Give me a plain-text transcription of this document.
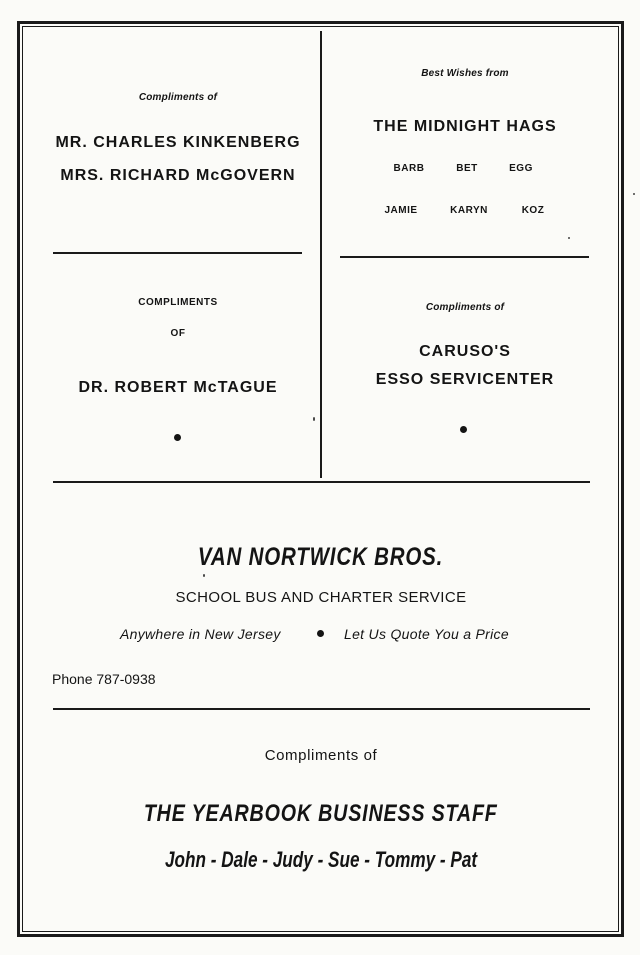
Compliments of
MR. CHARLES KINKENBERG
MRS. RICHARD McGOVERN
Best Wishes from
THE MIDNIGHT HAGS
BARB	BET	EGG
JAMIE	KARYN	KOZ
COMPLIMENTS
OF
DR. ROBERT McTAGUE
Compliments of
CARUSO'S
ESSO SERVICENTER
VAN NORTWICK BROS.
SCHOOL BUS AND CHARTER SERVICE
Anywhere in New Jersey	Let Us Quote You a Price
Phone 787-0938
Compliments of
THE YEARBOOK BUSINESS STAFF
John - Dale - Judy - Sue - Tommy - Pat
